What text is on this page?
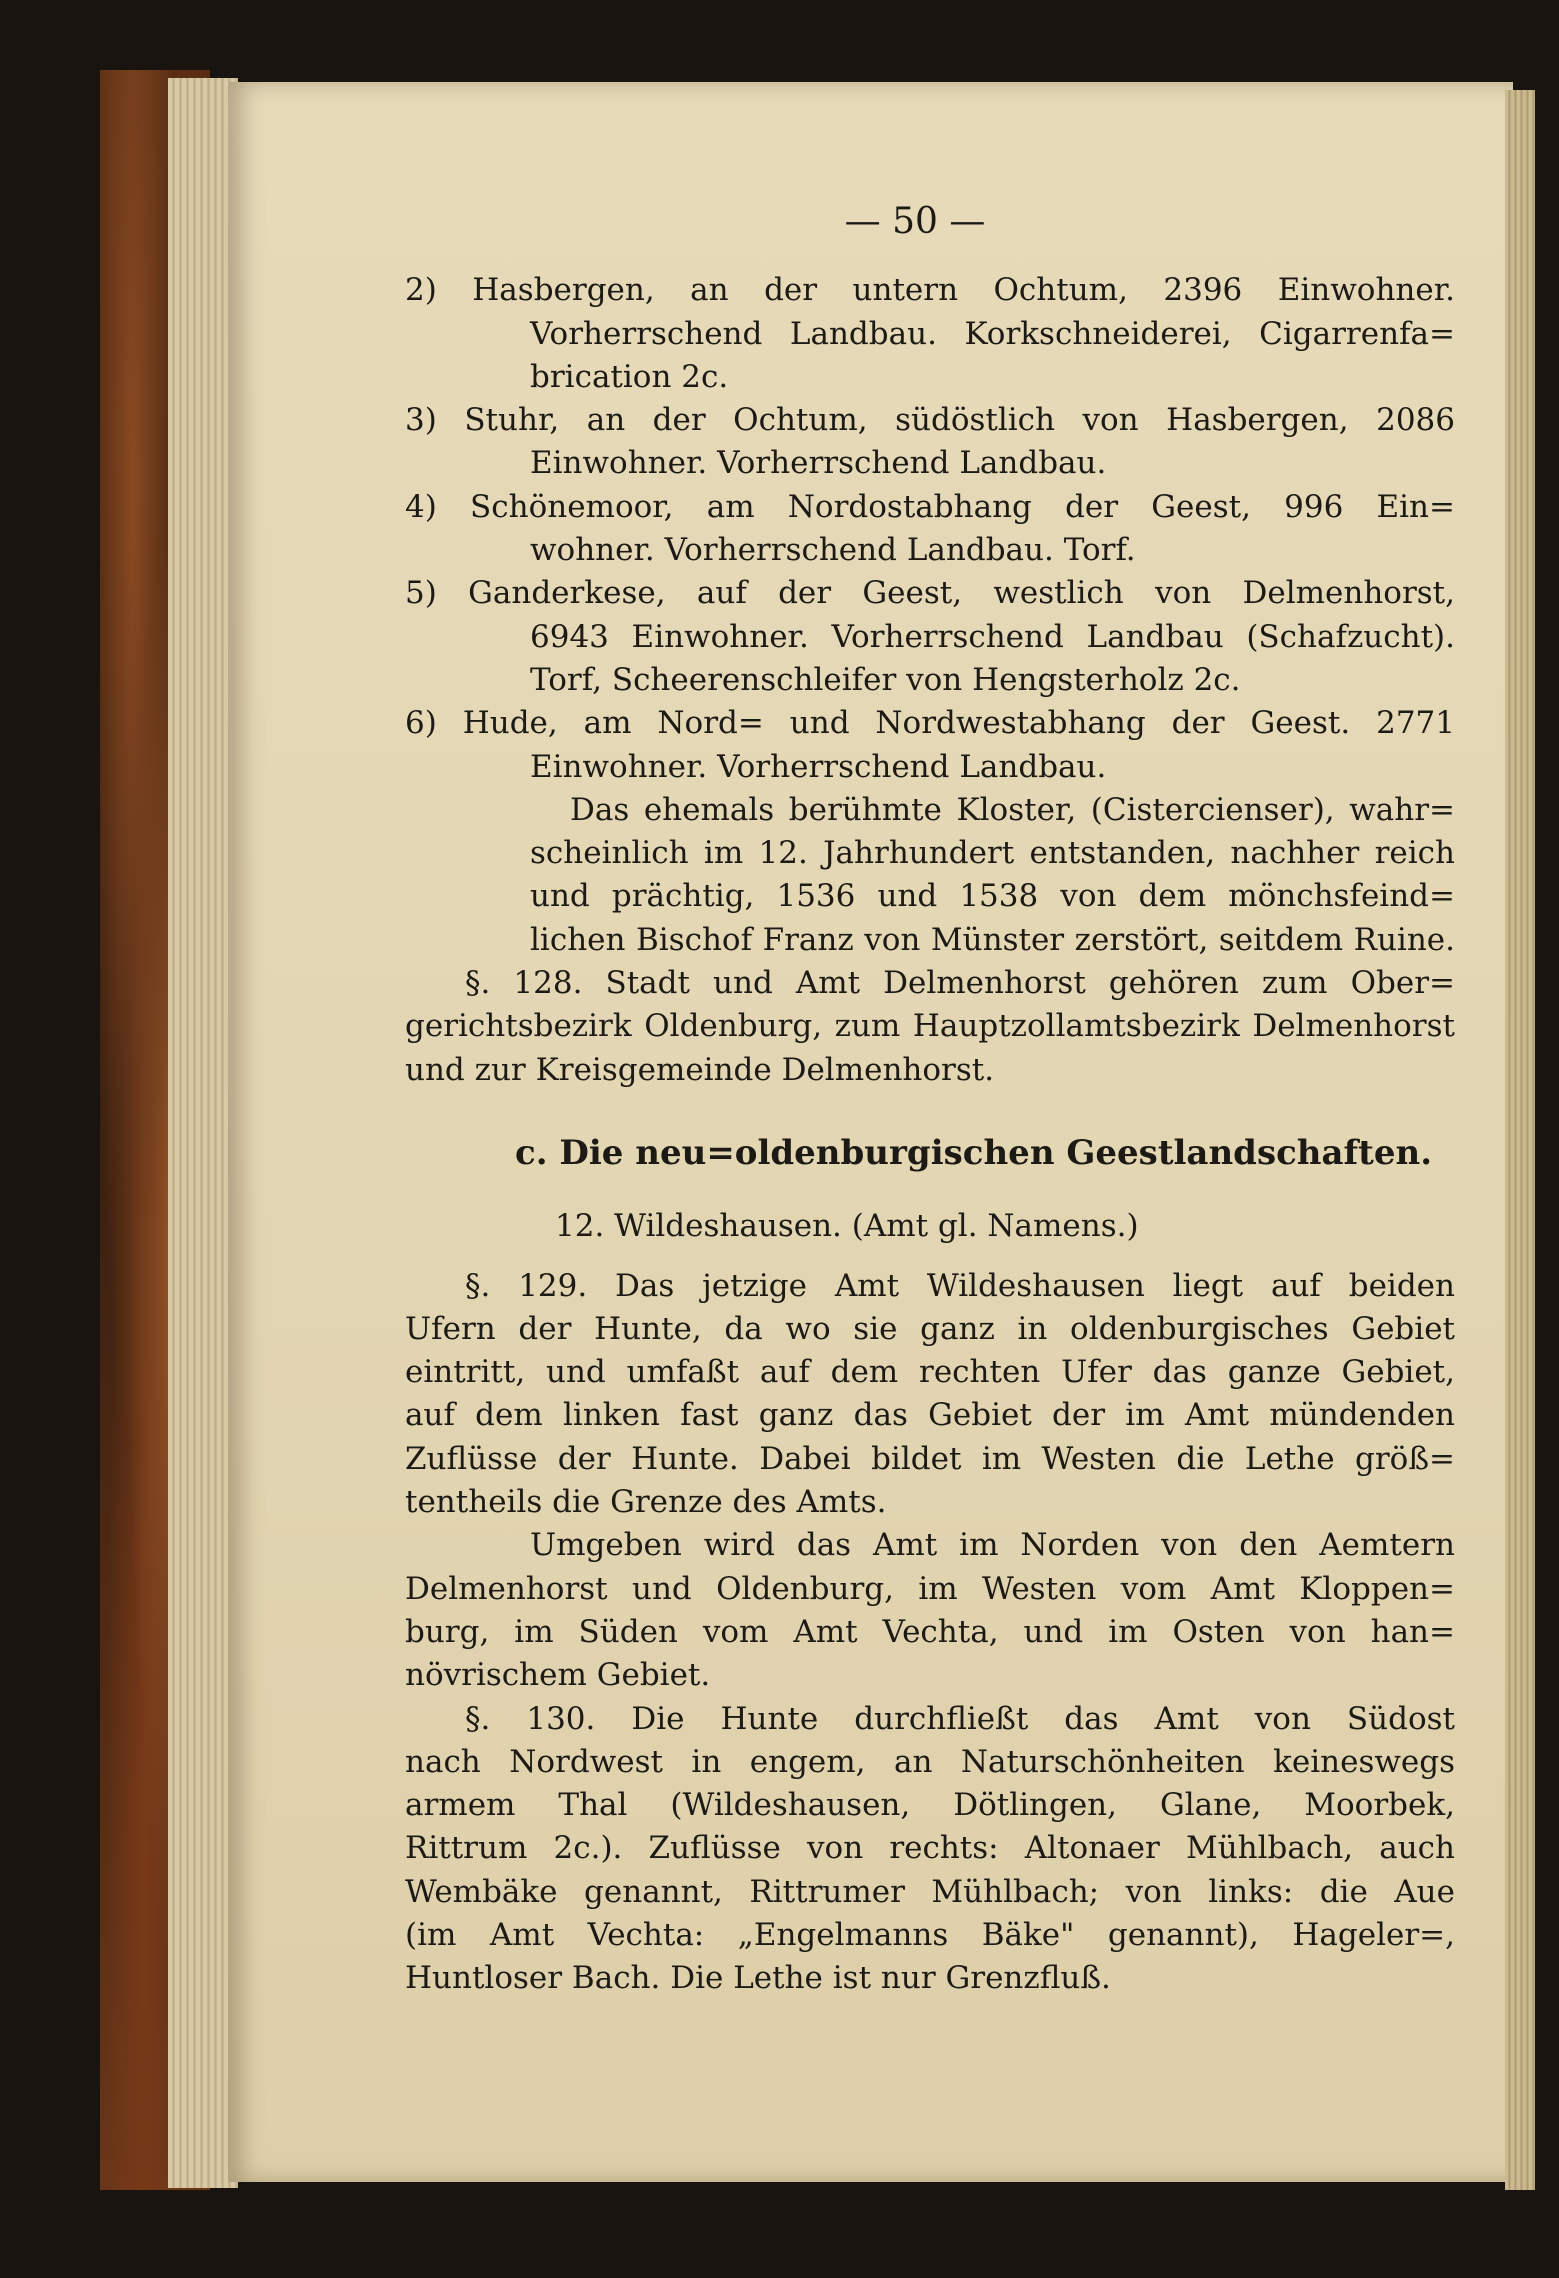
— 50 —
2) Hasbergen, an der untern Ochtum, 2396 Einwohner.
Vorherrschend Landbau. Korkschneiderei, Cigarrenfa=
brication 2c.
3) Stuhr, an der Ochtum, südöstlich von Hasbergen, 2086
Einwohner. Vorherrschend Landbau.
4) Schönemoor, am Nordostabhang der Geest, 996 Ein=
wohner. Vorherrschend Landbau. Torf.
5) Ganderkese, auf der Geest, westlich von Delmenhorst,
6943 Einwohner. Vorherrschend Landbau (Schafzucht).
Torf, Scheerenschleifer von Hengsterholz 2c.
6) Hude, am Nord= und Nordwestabhang der Geest. 2771
Einwohner. Vorherrschend Landbau.
Das ehemals berühmte Kloster, (Cistercienser), wahr=
scheinlich im 12. Jahrhundert entstanden, nachher reich
und prächtig, 1536 und 1538 von dem mönchsfeind=
lichen Bischof Franz von Münster zerstört, seitdem Ruine.
§. 128. Stadt und Amt Delmenhorst gehören zum Ober=
gerichtsbezirk Oldenburg, zum Hauptzollamtsbezirk Delmenhorst
und zur Kreisgemeinde Delmenhorst.
c. Die neu=oldenburgischen Geestlandschaften.
12. Wildeshausen. (Amt gl. Namens.)
§. 129. Das jetzige Amt Wildeshausen liegt auf beiden
Ufern der Hunte, da wo sie ganz in oldenburgisches Gebiet
eintritt, und umfaßt auf dem rechten Ufer das ganze Gebiet,
auf dem linken fast ganz das Gebiet der im Amt mündenden
Zuflüsse der Hunte. Dabei bildet im Westen die Lethe größ=
tentheils die Grenze des Amts.
Umgeben wird das Amt im Norden von den Aemtern
Delmenhorst und Oldenburg, im Westen vom Amt Kloppen=
burg, im Süden vom Amt Vechta, und im Osten von han=
növrischem Gebiet.
§. 130. Die Hunte durchfließt das Amt von Südost
nach Nordwest in engem, an Naturschönheiten keineswegs
armem Thal (Wildeshausen, Dötlingen, Glane, Moorbek,
Rittrum 2c.). Zuflüsse von rechts: Altonaer Mühlbach, auch
Wembäke genannt, Rittrumer Mühlbach; von links: die Aue
(im Amt Vechta: „Engelmanns Bäke" genannt), Hageler=,
Huntloser Bach. Die Lethe ist nur Grenzfluß.
